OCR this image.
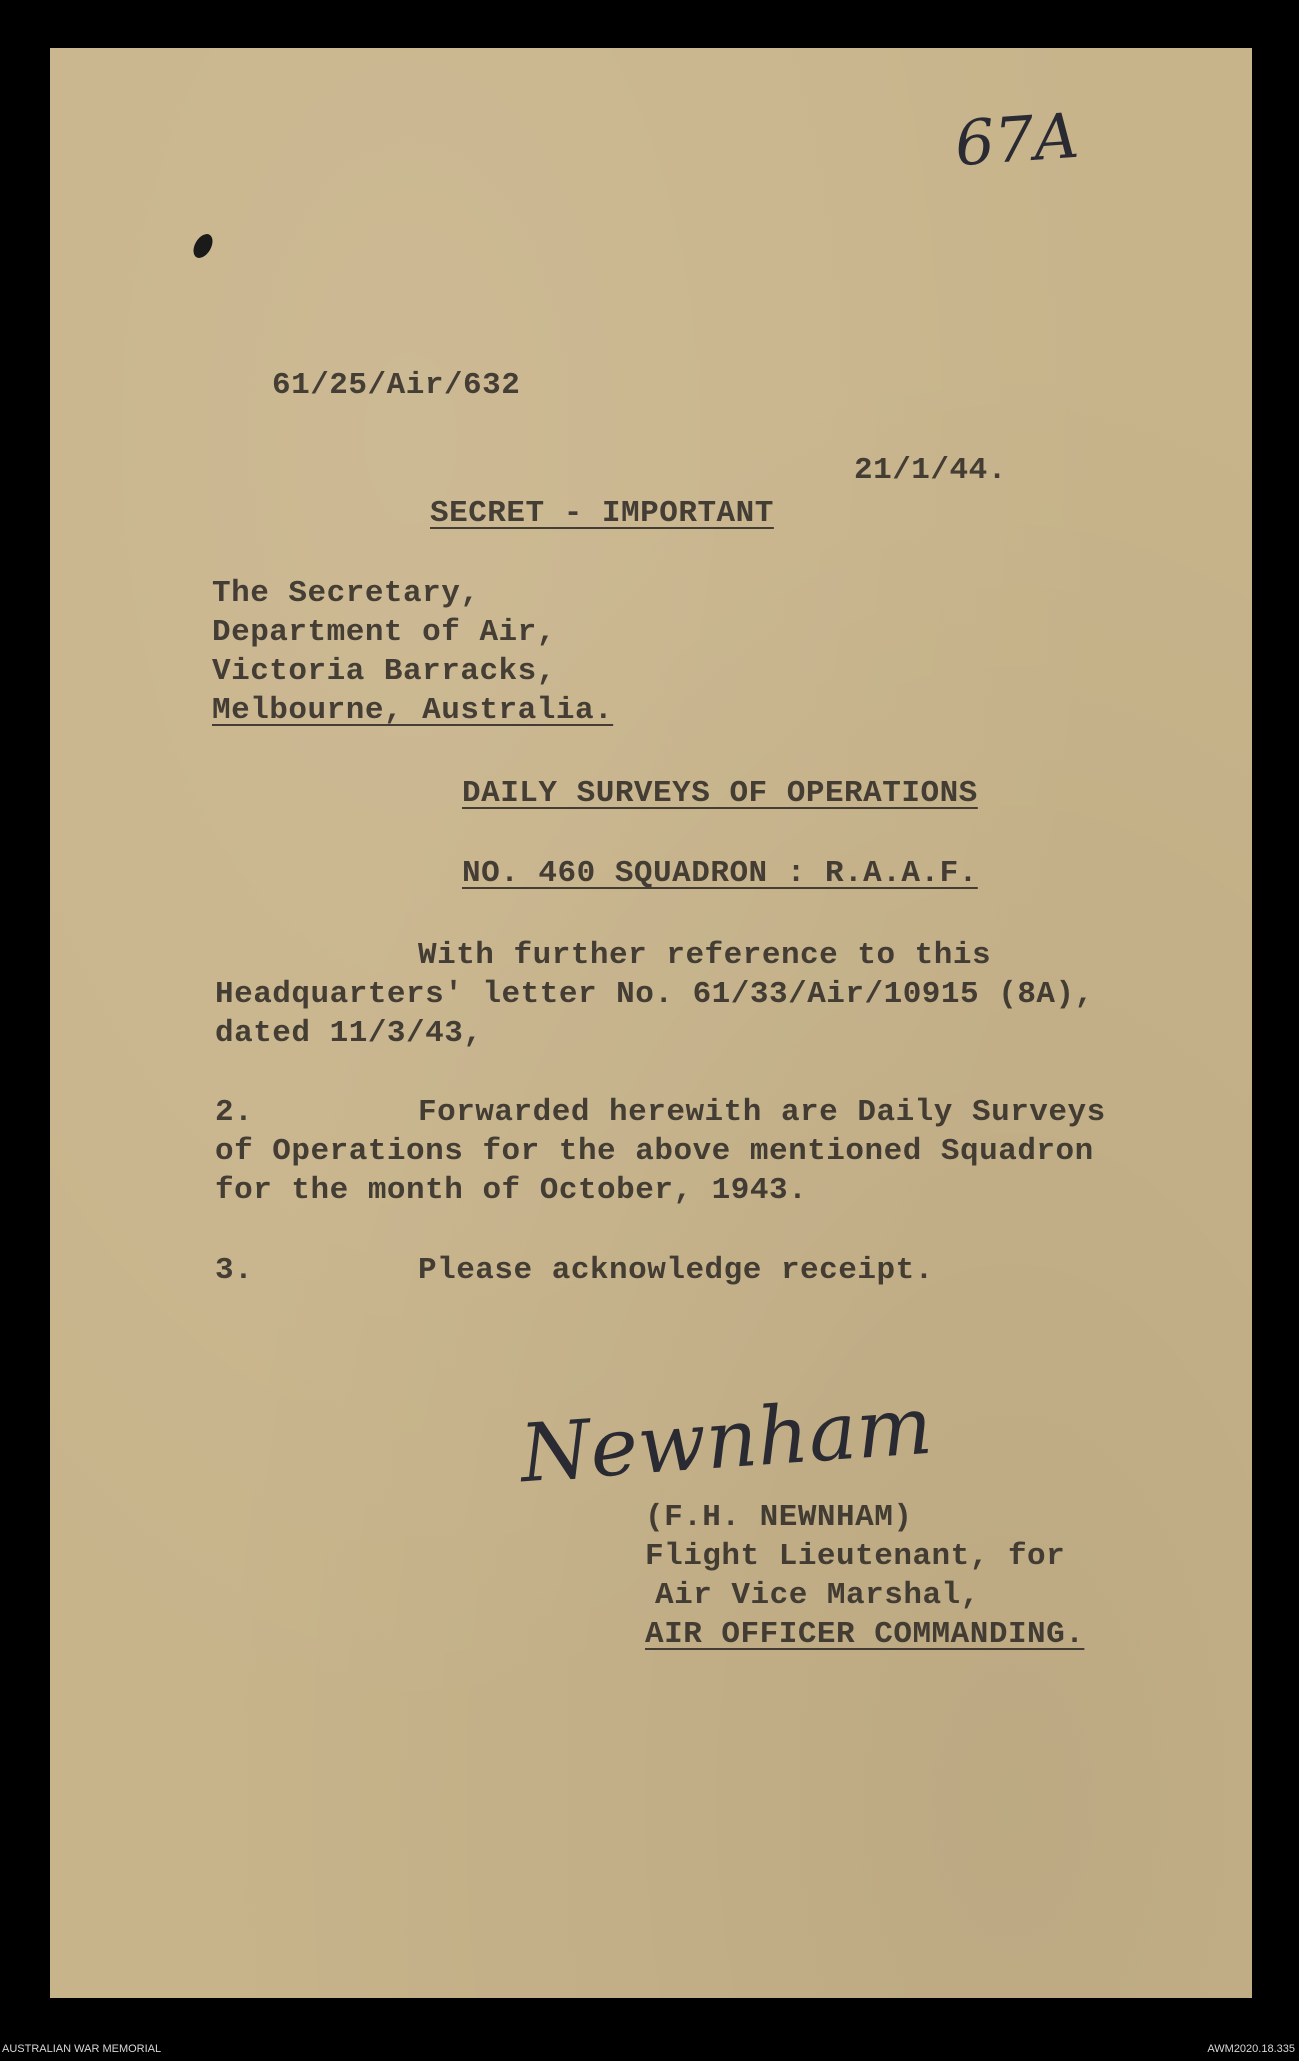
67A
61/25/Air/632
21/1/44.
SECRET - IMPORTANT
The Secretary,
Department of Air,
Victoria Barracks,
Melbourne, Australia.
DAILY SURVEYS OF OPERATIONS
NO. 460 SQUADRON : R.A.A.F.
With further reference to this
Headquarters' letter No. 61/33/Air/10915 (8A),
dated 11/3/43,
2.	Forwarded herewith are Daily Surveys
of Operations for the above mentioned Squadron
for the month of October, 1943.
3.	Please acknowledge receipt.
Newnham
(F.H. NEWNHAM)
Flight Lieutenant, for
Air Vice Marshal,
AIR OFFICER COMMANDING.
AUSTRALIAN WAR MEMORIAL	AWM2020.18.335
